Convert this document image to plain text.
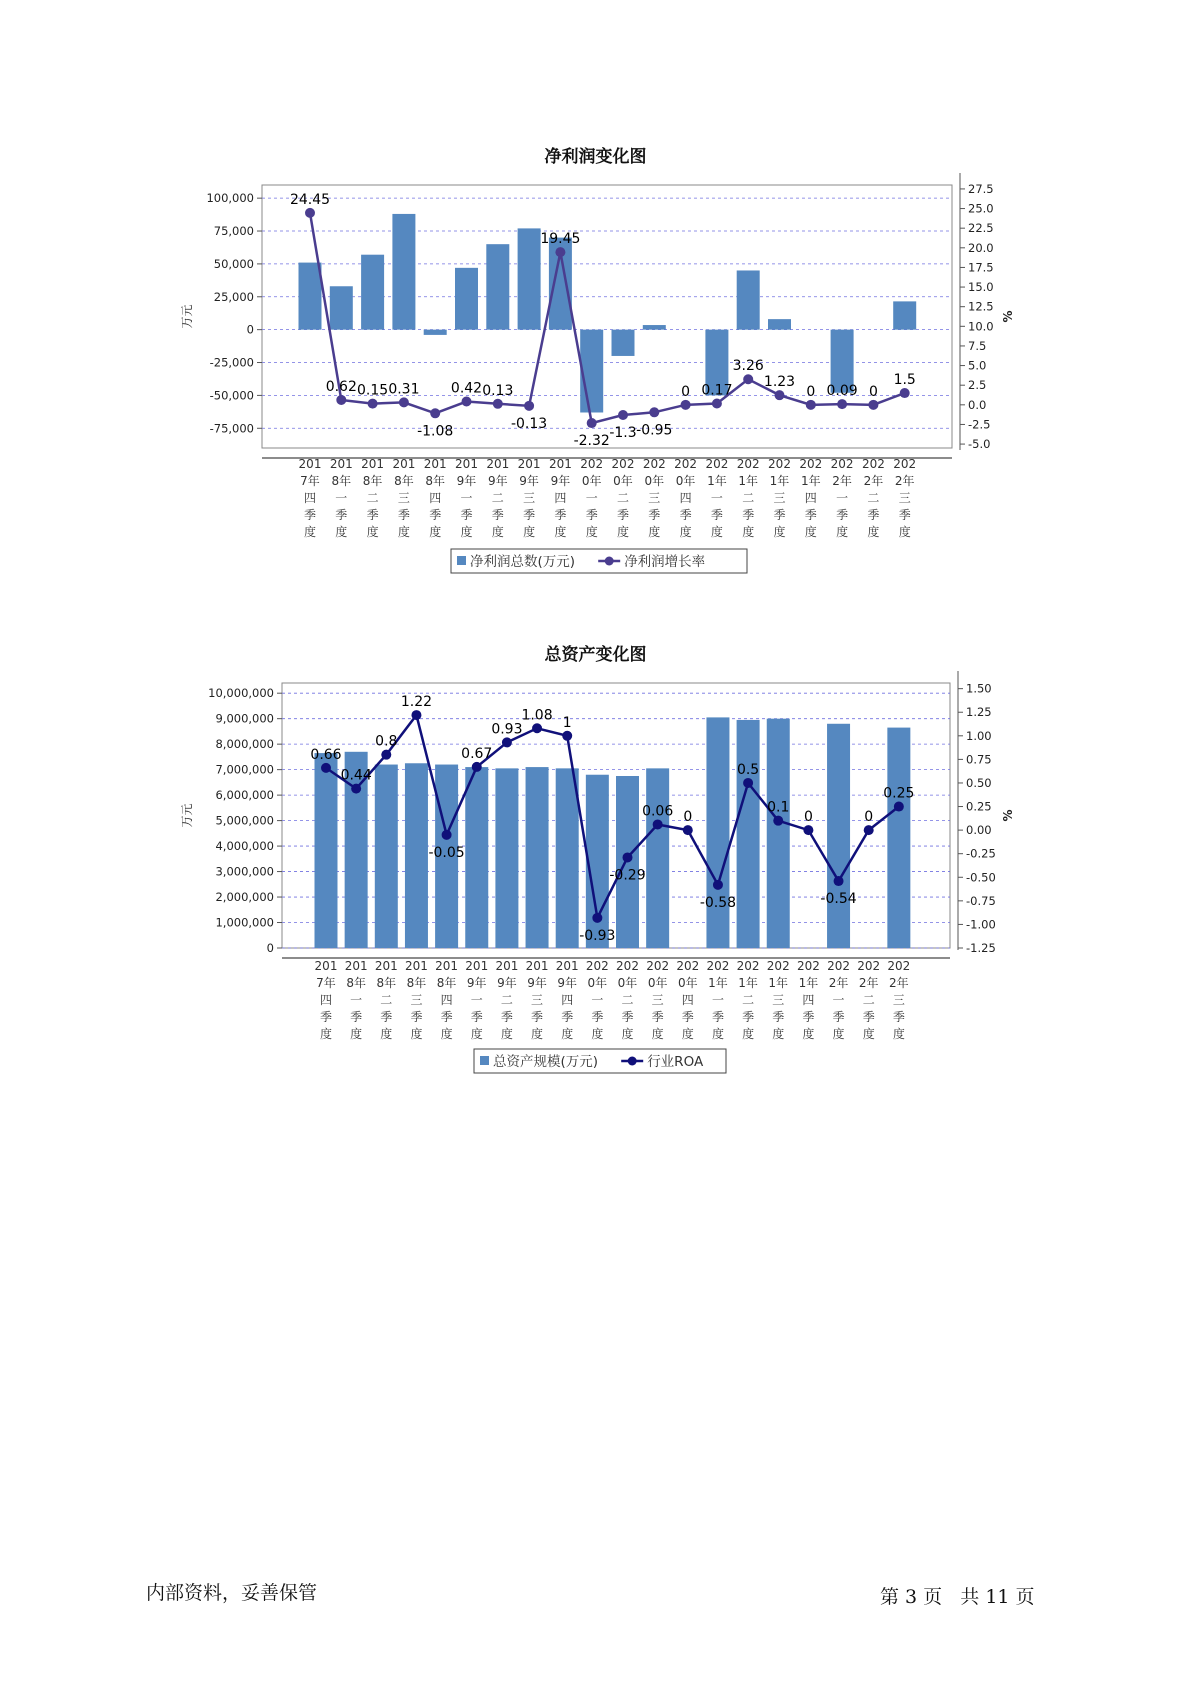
净利润变化图
-75,000
-50,000
-25,000
0
25,000
50,000
75,000
100,000
-5.0
-2.5
0.0
2.5
5.0
7.5
10.0
12.5
15.0
17.5
20.0
22.5
25.0
27.5
万元	%
201
7年
四
季
度
201
8年
一
季
度
201
8年
二
季
度
201
8年
三
季
度
201
8年
四
季
度
201
9年
一
季
度
201
9年
二
季
度
201
9年
三
季
度
201
9年
四
季
度
202
0年
一
季
度
202
0年
二
季
度
202
0年
三
季
度
202
0年
四
季
度
202
1年
一
季
度
202
1年
二
季
度
202
1年
三
季
度
202
1年
四
季
度
202
2年
一
季
度
202
2年
二
季
度
202
2年
三
季
度
24.45
0.62 0.15 0.31
-1.08
0.42 0.13
-0.13
19.45
-2.32
-1.3 -0.95
0 0.17
3.26
1.23
0 0.09 0
1.5
净利润总数(万元)	净利润增长率
总资产变化图
0
1,000,000
2,000,000
3,000,000
4,000,000
5,000,000
6,000,000
7,000,000
8,000,000
9,000,000
10,000,000
-1.25
-1.00
-0.75
-0.50
-0.25
0.00
0.25
0.50
0.75
1.00
1.25
1.50
万元	%
201
7年
四
季
度
201
8年
一
季
度
201
8年
二
季
度
201
8年
三
季
度
201
8年
四
季
度
201
9年
一
季
度
201
9年
二
季
度
201
9年
三
季
度
201
9年
四
季
度
202
0年
一
季
度
202
0年
二
季
度
202
0年
三
季
度
202
0年
四
季
度
202
1年
一
季
度
202
1年
二
季
度
202
1年
三
季
度
202
1年
四
季
度
202
2年
一
季
度
202
2年
二
季
度
202
2年
三
季
度
0.66
0.44
0.8
1.22
-0.05
0.67
0.93
1.08 1
-0.93
-0.29
0.06 0
-0.58
0.5
0.1
0
-0.54
0
0.25
总资产规模(万元)	行业ROA
内部资料，妥善保管	第 3 页   共 11 页
